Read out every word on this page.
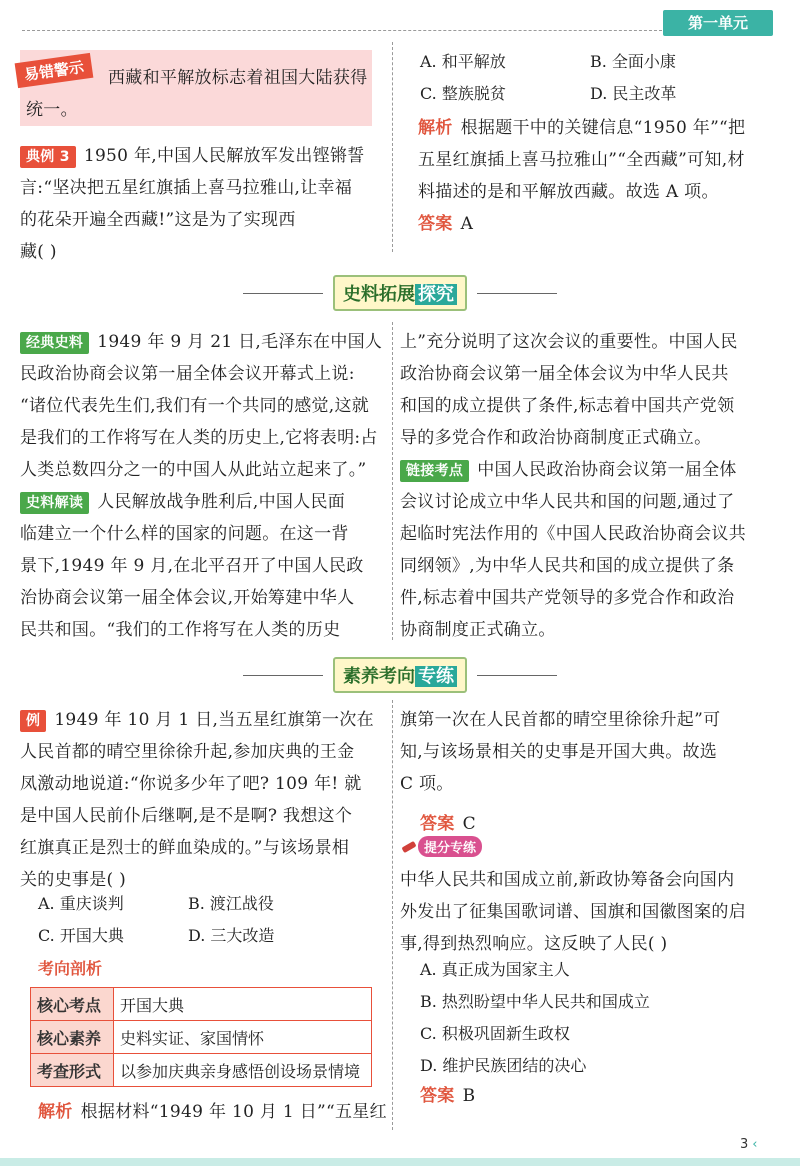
第一单元
易错警示	西藏和平解放标志着祖国大陆获得
统一。
典例 3 1950 年,中国人民解放军发出铿锵誓
言:“坚决把五星红旗插上喜马拉雅山,让幸福
的花朵开遍全西藏!”这是为了实现西
藏( )
A. 和平解放	B. 全面小康
C. 整族脱贫	D. 民主改革
解析 根据题干中的关键信息“1950 年”“把
五星红旗插上喜马拉雅山”“全西藏”可知,材
料描述的是和平解放西藏。故选 A 项。
答案 A
史料拓展 探究
经典史料 1949 年 9 月 21 日,毛泽东在中国人
民政治协商会议第一届全体会议开幕式上说:
“诸位代表先生们,我们有一个共同的感觉,这就
是我们的工作将写在人类的历史上,它将表明:占
人类总数四分之一的中国人从此站立起来了。”
史料解读 人民解放战争胜利后,中国人民面
临建立一个什么样的国家的问题。在这一背
景下,1949 年 9 月,在北平召开了中国人民政
治协商会议第一届全体会议,开始筹建中华人
民共和国。“我们的工作将写在人类的历史
上”充分说明了这次会议的重要性。中国人民
政治协商会议第一届全体会议为中华人民共
和国的成立提供了条件,标志着中国共产党领
导的多党合作和政治协商制度正式确立。
链接考点 中国人民政治协商会议第一届全体
会议讨论成立中华人民共和国的问题,通过了
起临时宪法作用的《中国人民政治协商会议共
同纲领》,为中华人民共和国的成立提供了条
件,标志着中国共产党领导的多党合作和政治
协商制度正式确立。
素养考向 专练
例 1949 年 10 月 1 日,当五星红旗第一次在
人民首都的晴空里徐徐升起,参加庆典的王金
凤激动地说道:“你说多少年了吧? 109 年! 就
是中国人民前仆后继啊,是不是啊? 我想这个
红旗真正是烈士的鲜血染成的。”与该场景相
关的史事是( )
A. 重庆谈判	B. 渡江战役
C. 开国大典	D. 三大改造
考向剖析
核心考点	开国大典
核心素养	史料实证、家国情怀
考查形式	以参加庆典亲身感悟创设场景情境
解析 根据材料“1949 年 10 月 1 日”“五星红
旗第一次在人民首都的晴空里徐徐升起”可
知,与该场景相关的史事是开国大典。故选
C 项。
答案 C
提分专练
中华人民共和国成立前,新政协筹备会向国内
外发出了征集国歌词谱、国旗和国徽图案的启
事,得到热烈响应。这反映了人民( )
A. 真正成为国家主人
B. 热烈盼望中华人民共和国成立
C. 积极巩固新生政权
D. 维护民族团结的决心
答案 B
3 ‹
